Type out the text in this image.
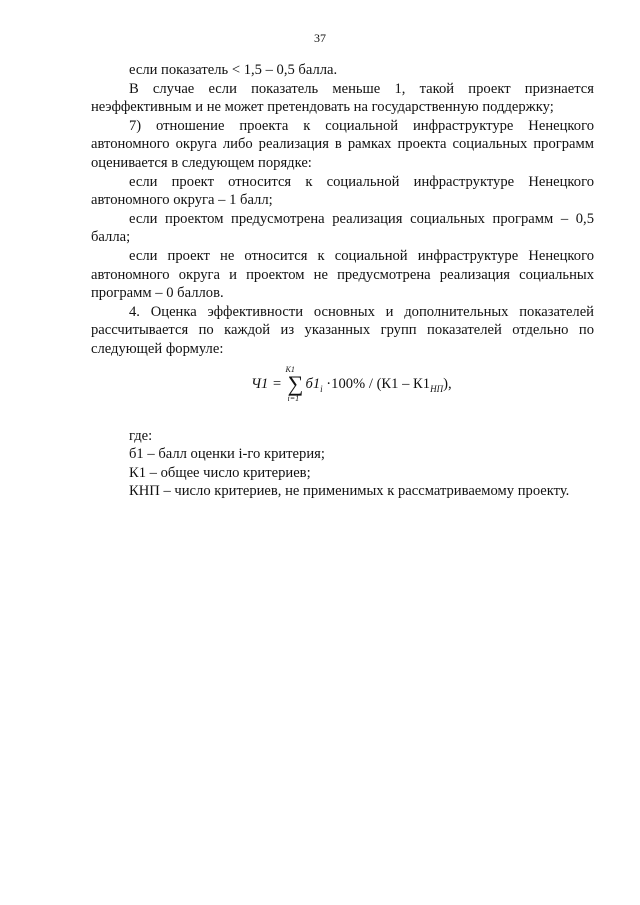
37

если показатель < 1,5 – 0,5 балла.

В случае если показатель меньше 1, такой проект признается неэффективным и не может претендовать на государственную поддержку;

7) отношение проекта к социальной инфраструктуре Ненецкого автономного округа либо реализация в рамках проекта социальных программ оценивается в следующем порядке:

если проект относится к социальной инфраструктуре Ненецкого автономного округа – 1 балл;

если проектом предусмотрена реализация социальных программ – 0,5 балла;

если проект не относится к социальной инфраструктуре Ненецкого автономного округа и проектом не предусмотрена реализация социальных программ – 0 баллов.

4. Оценка эффективности основных и дополнительных показателей рассчитывается по каждой из указанных групп показателей отдельно по следующей формуле:

Ч1 =
К1
∑
i=1
$б1_i \cdot 100\% / (К1 - К1_{НП})$,

где:

б1 – балл оценки i-го критерия;

К1 – общее число критериев;

КНП – число критериев, не применимых к рассматриваемому проекту.
